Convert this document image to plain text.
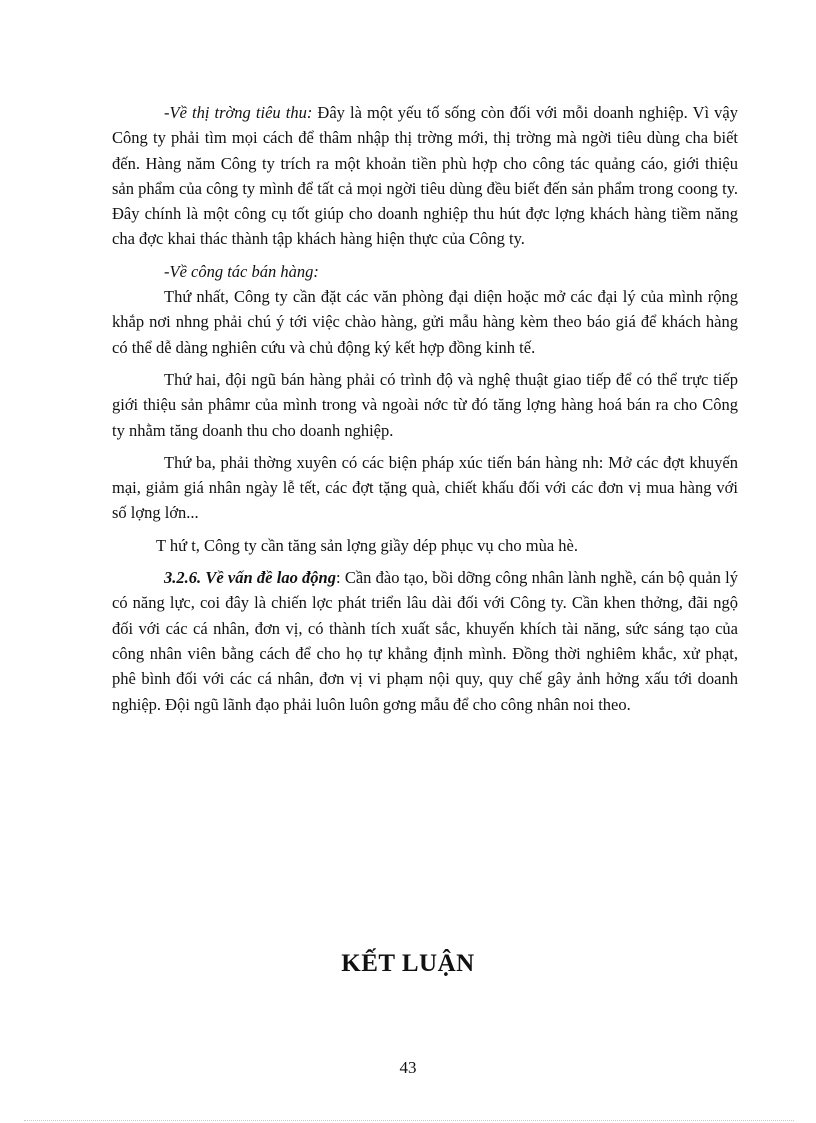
-Về thị trờng tiêu thu: Đây là một yếu tố sống còn đối với mỗi doanh nghiệp. Vì vậy Công ty phải tìm mọi cách để thâm nhập thị trờng mới, thị trờng mà ngời tiêu dùng cha biết đến. Hàng năm Công ty trích ra một khoản tiền phù hợp cho công tác quảng cáo, giới thiệu sản phẩm của công ty mình để tất cả mọi ngời tiêu dùng đều biết đến sản phẩm trong coong ty. Đây chính là một công cụ tốt giúp cho doanh nghiệp thu hút đợc lợng khách hàng tiềm năng cha đợc khai thác thành tập khách hàng hiện thực của Công ty.

-Về công tác bán hàng:

Thứ nhất, Công ty cần đặt các văn phòng đại diện hoặc mở các đại lý của mình rộng khắp nơi nhng phải chú ý tới việc chào hàng, gửi mẫu hàng kèm theo báo giá để khách hàng có thể dễ dàng nghiên cứu và chủ động ký kết hợp đồng kinh tế.

Thứ hai, đội ngũ bán hàng phải có trình độ và nghệ thuật giao tiếp để có thể trực tiếp giới thiệu sản phâmr của mình trong và ngoài nớc từ đó tăng lợng hàng hoá bán ra cho Công ty nhằm tăng doanh thu cho doanh nghiệp.

Thứ ba, phải thờng xuyên có các biện pháp xúc tiến bán hàng nh: Mở các đợt khuyến mại, giảm giá nhân ngày lễ tết, các đợt tặng quà, chiết khấu đối với các đơn vị mua hàng với số lợng lớn...

T hứ t, Công ty cần tăng sản lợng giầy dép phục vụ cho mùa hè.

3.2.6. Về vấn đề lao động: Cần đào tạo, bồi dỡng công nhân lành nghề, cán bộ quản lý có năng lực, coi đây là chiến lợc phát triển lâu dài đối với Công ty. Cần khen thởng, đãi ngộ đối với các cá nhân, đơn vị, có thành tích xuất sắc, khuyến khích tài năng, sức sáng tạo của công nhân viên bằng cách để cho họ tự khẳng định mình. Đồng thời nghiêm khắc, xử phạt, phê bình đối với các cá nhân, đơn vị vi phạm nội quy, quy chế gây ảnh hởng xấu tới doanh nghiệp. Đội ngũ lãnh đạo phải luôn luôn gơng mẫu để cho công nhân noi theo.

KẾT LUẬN
43
